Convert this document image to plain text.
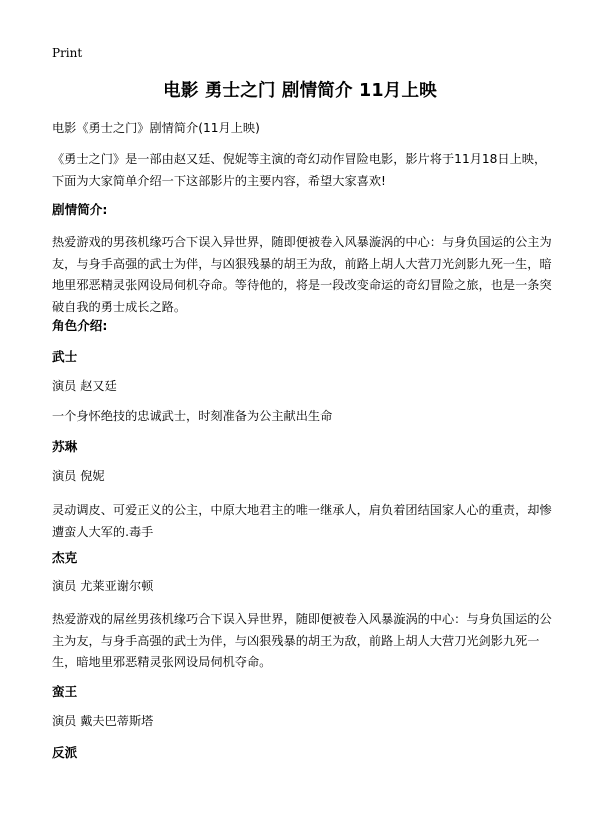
Print
电影 勇士之门 剧情简介 11月上映

电影《勇士之门》剧情简介(11月上映)

《勇士之门》是一部由赵又廷、倪妮等主演的奇幻动作冒险电影，影片将于11月18日上映，下面为大家简单介绍一下这部影片的主要内容，希望大家喜欢!

剧情简介:

热爱游戏的男孩机缘巧合下误入异世界，随即便被卷入风暴漩涡的中心：与身负国运的公主为友，与身手高强的武士为伴，与凶狠残暴的胡王为敌，前路上胡人大营刀光剑影九死一生，暗地里邪恶精灵张网设局伺机夺命。等待他的，将是一段改变命运的奇幻冒险之旅，也是一条突破自我的勇士成长之路。

角色介绍:
武士

演员 赵又廷

一个身怀绝技的忠诚武士，时刻准备为公主献出生命

苏琳

演员 倪妮

灵动调皮、可爱正义的公主，中原大地君主的唯一继承人，肩负着团结国家人心的重责，却惨遭蛮人大军的.毒手

杰克

演员 尤莱亚谢尔顿

热爱游戏的屌丝男孩机缘巧合下误入异世界，随即便被卷入风暴漩涡的中心：与身负国运的公主为友，与身手高强的武士为伴，与凶狠残暴的胡王为敌，前路上胡人大营刀光剑影九死一生，暗地里邪恶精灵张网设局伺机夺命。

蛮王

演员 戴夫巴蒂斯塔

反派
